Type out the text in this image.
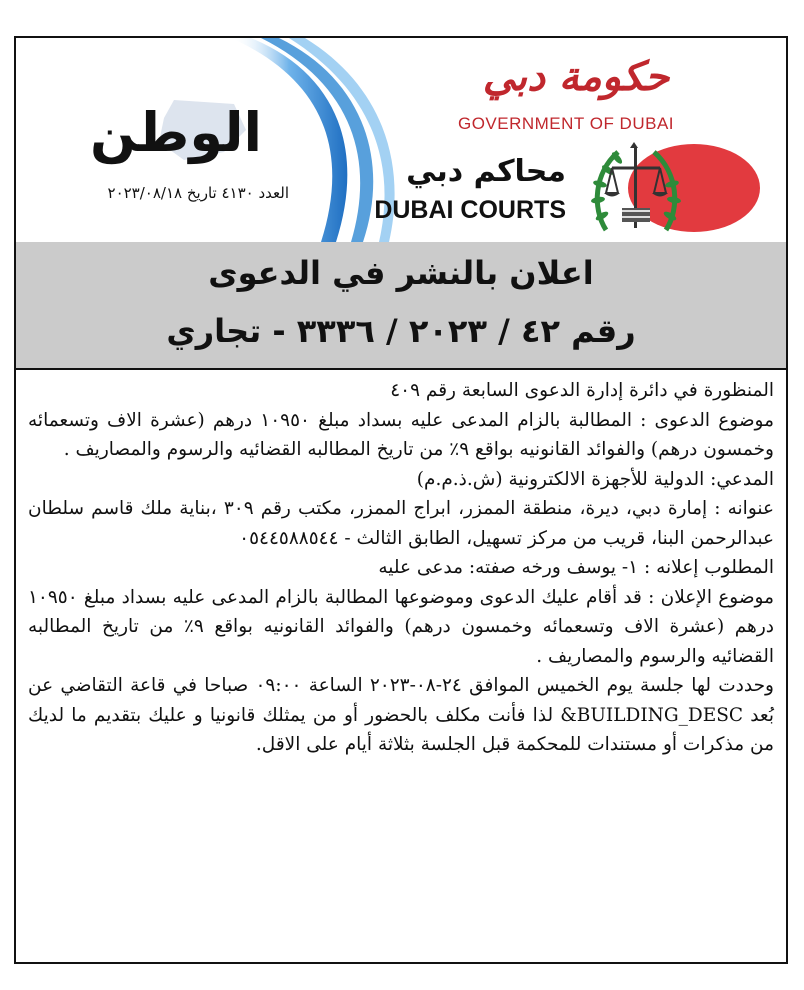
الوطن
العدد ٤١٣٠ تاريخ ٢٠٢٣/٠٨/١٨
حكومة دبي
GOVERNMENT OF DUBAI
محاكم دبي
DUBAI COURTS
اعلان بالنشر في الدعوى
رقم ٤٢ / ٢٠٢٣ / ٣٣٣٦ - تجاري

المنظورة في دائرة إدارة الدعوى السابعة رقم ٤٠٩

موضوع الدعوى : المطالبة بالزام المدعى عليه بسداد مبلغ ١٠٩٥٠ درهم (عشرة الاف وتسعمائه وخمسون درهم) والفوائد القانونيه بواقع ٩٪ من تاريخ المطالبه القضائيه والرسوم والمصاريف .

المدعي: الدولية للأجهزة الالكترونية (ش.ذ.م.م)

عنوانه : إمارة دبي، ديرة، منطقة الممزر، ابراج الممزر، مكتب رقم ٣٠٩ ،بناية ملك قاسم سلطان عبدالرحمن البنا، قريب من مركز تسهيل، الطابق الثالث - ٠٥٤٤٥٨٨٥٤٤

المطلوب إعلانه : ١- يوسف ورخه صفته: مدعى عليه

موضوع الإعلان : قد أقام عليك الدعوى وموضوعها المطالبة بالزام المدعى عليه بسداد مبلغ ١٠٩٥٠ درهم (عشرة الاف وتسعمائه وخمسون درهم) والفوائد القانونيه بواقع ٩٪ من تاريخ المطالبه القضائيه والرسوم والمصاريف .

وحددت لها جلسة يوم الخميس الموافق ٢٤-٠٨-٢٠٢٣ الساعة ٠٩:٠٠ صباحا في قاعة التقاضي عن بُعد BUILDING_DESC& لذا فأنت مكلف بالحضور أو من يمثلك قانونيا و عليك بتقديم ما لديك من مذكرات أو مستندات للمحكمة قبل الجلسة بثلاثة أيام على الاقل.
